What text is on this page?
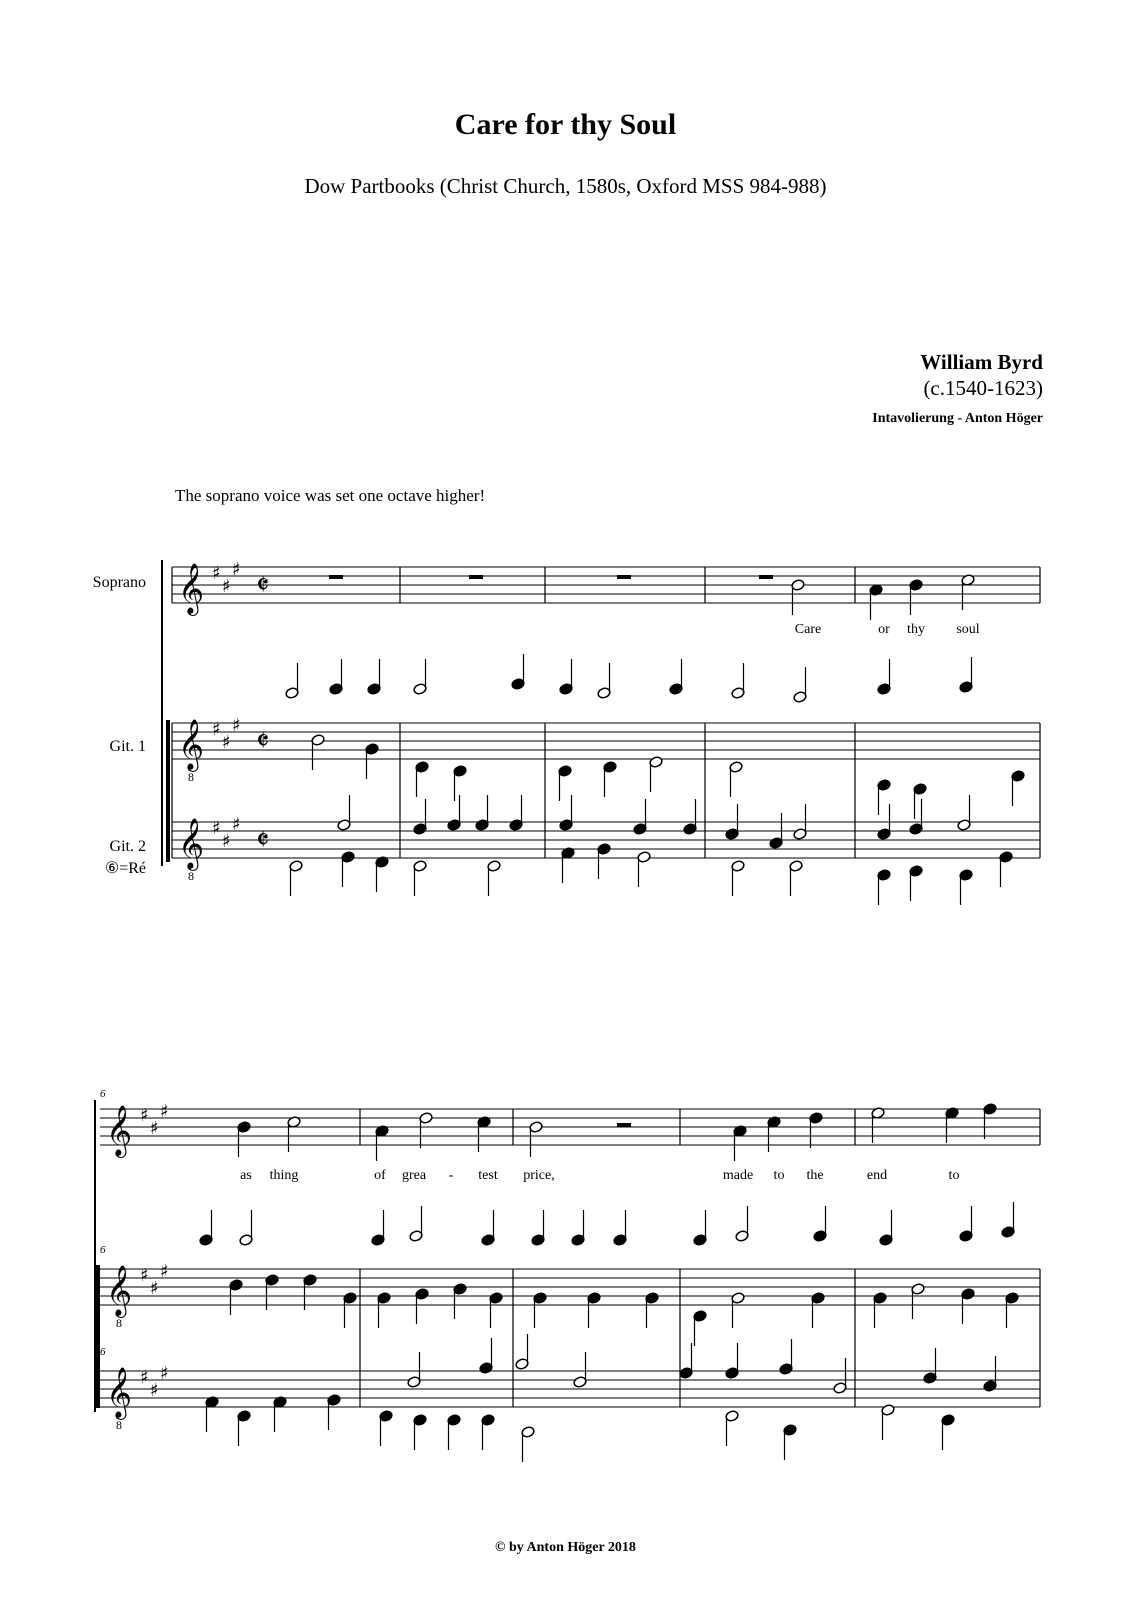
Care for thy Soul
Dow Partbooks (Christ Church, 1580s, Oxford MSS 984-988)
William Byrd
(c.1540-1623)
Intavolierung - Anton Höger
The soprano voice was set one octave higher!
Soprano
Git. 1
Git. 2
⑥=Ré
6
6
6
Care	or thy soul
as thing	of grea - test price,	made to the	end	to
𝄞 ♯
♯
♯ 𝄵
𝄞
8
♯
♯
♯ 𝄵
𝄞
8
♯
♯
♯ 𝄵
𝄞 ♯
♯
♯
𝄞
8
♯
♯
♯
𝄞
8
♯
♯
♯
© by Anton Höger 2018
